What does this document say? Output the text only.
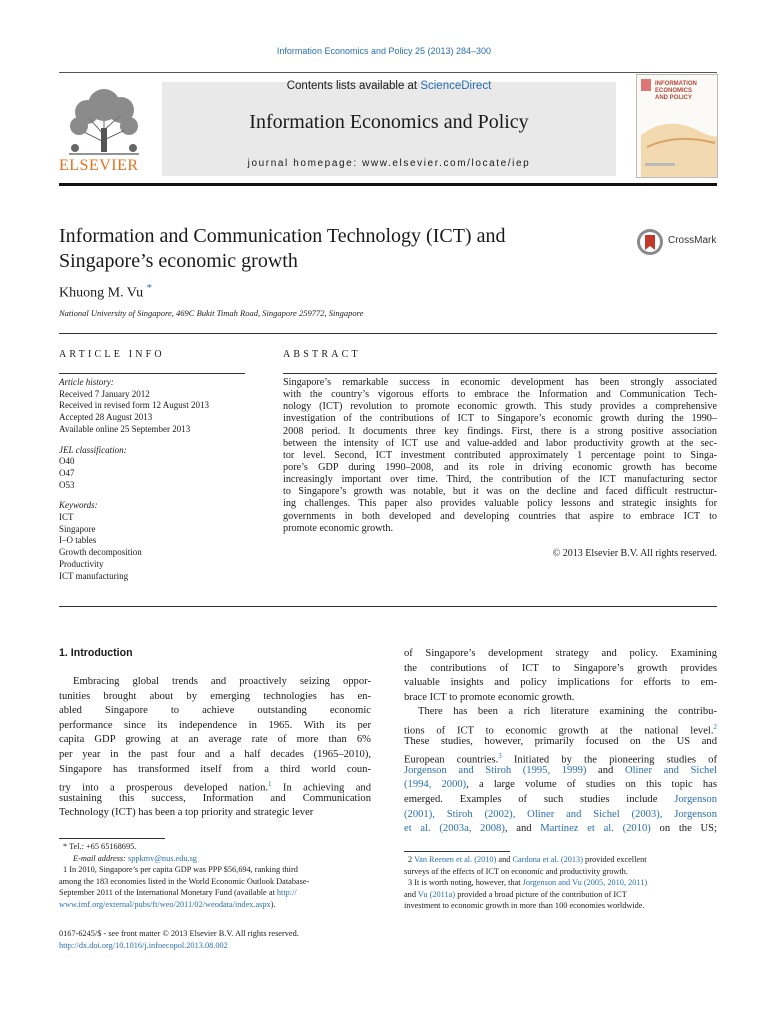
Information Economics and Policy 25 (2013) 284–300
ELSEVIER
Contents lists available at ScienceDirect
Information Economics and Policy
journal homepage: www.elsevier.com/locate/iep
INFORMATION
ECONOMICS
AND POLICY
Information and Communication Technology (ICT) and
Singapore’s economic growth
CrossMark
Khuong M. Vu *
National University of Singapore, 469C Bukit Timah Road, Singapore 259772, Singapore
ARTICLE INFO	ABSTRACT
Article history:
Received 7 January 2012
Received in revised form 12 August 2013
Accepted 28 August 2013
Available online 25 September 2013
JEL classification:
O40
O47
O53
Keywords:
ICT
Singapore
I–O tables
Growth decomposition
Productivity
ICT manufacturing
Singapore’s remarkable success in economic development has been strongly associated
with the country’s vigorous efforts to embrace the Information and Communication Tech-
nology (ICT) revolution to promote economic growth. This study provides a comprehensive
investigation of the contributions of ICT to Singapore’s economic growth during the 1990–
2008 period. It documents three key findings. First, there is a strong positive association
between the intensity of ICT use and value-added and labor productivity growth at the sec-
tor level. Second, ICT investment contributed approximately 1 percentage point to Singa-
pore’s GDP during 1990–2008, and its role in driving economic growth has become
increasingly important over time. Third, the contribution of the ICT manufacturing sector
to Singapore’s growth was notable, but it was on the decline and faced difficult restructur-
ing challenges. This paper also provides valuable policy lessons and strategic insights for
governments in both developed and developing countries that aspire to embrace ICT to
promote economic growth.
© 2013 Elsevier B.V. All rights reserved.
1. Introduction
Embracing global trends and proactively seizing oppor-
tunities brought about by emerging technologies has en-
abled Singapore to achieve outstanding economic
performance since its independence in 1965. With its per
capita GDP growing at an average rate of more than 6%
per year in the past four and a half decades (1965–2010),
Singapore has transformed itself from a third world coun-
try into a prosperous developed nation.$^1$ In achieving and
sustaining this success, Information and Communication
Technology (ICT) has been a top priority and strategic lever
of Singapore’s development strategy and policy. Examining
the contributions of ICT to Singapore’s growth provides
valuable insights and policy implications for efforts to em-
brace ICT to promote economic growth.
There has been a rich literature examining the contribu-
tions of ICT to economic growth at the national level.$^2$
These studies, however, primarily focused on the US and
European countries.$^3$ Initiated by the pioneering studies of
Jorgenson and Stiroh (1995, 1999) and Oliner and Sichel
(1994, 2000), a large volume of studies on this topic has
emerged. Examples of such studies include Jorgenson
(2001), Stiroh (2002), Oliner and Sichel (2003), Jorgenson
et al. (2003a, 2008), and Martínez et al. (2010) on the US;
* Tel.: +65 65168695.
E-mail address: sppkmv@nus.edu.sg
1 In 2010, Singapore’s per capita GDP was PPP $56,694, ranking third
among the 183 economies listed in the World Economic Outlook Database-
September 2011 of the International Monetary Fund (available at http://
www.imf.org/external/pubs/ft/weo/2011/02/weodata/index.aspx).
2 Van Reenen et al. (2010) and Cardona et al. (2013) provided excellent
surveys of the effects of ICT on economic and productivity growth.
3 It is worth noting, however, that Jorgenson and Vu (2005, 2010, 2011)
and Vu (2011a) provided a broad picture of the contribution of ICT
investment to economic growth in more than 100 economies worldwide.
0167-6245/$ - see front matter © 2013 Elsevier B.V. All rights reserved.
http://dx.doi.org/10.1016/j.infoecopol.2013.08.002
